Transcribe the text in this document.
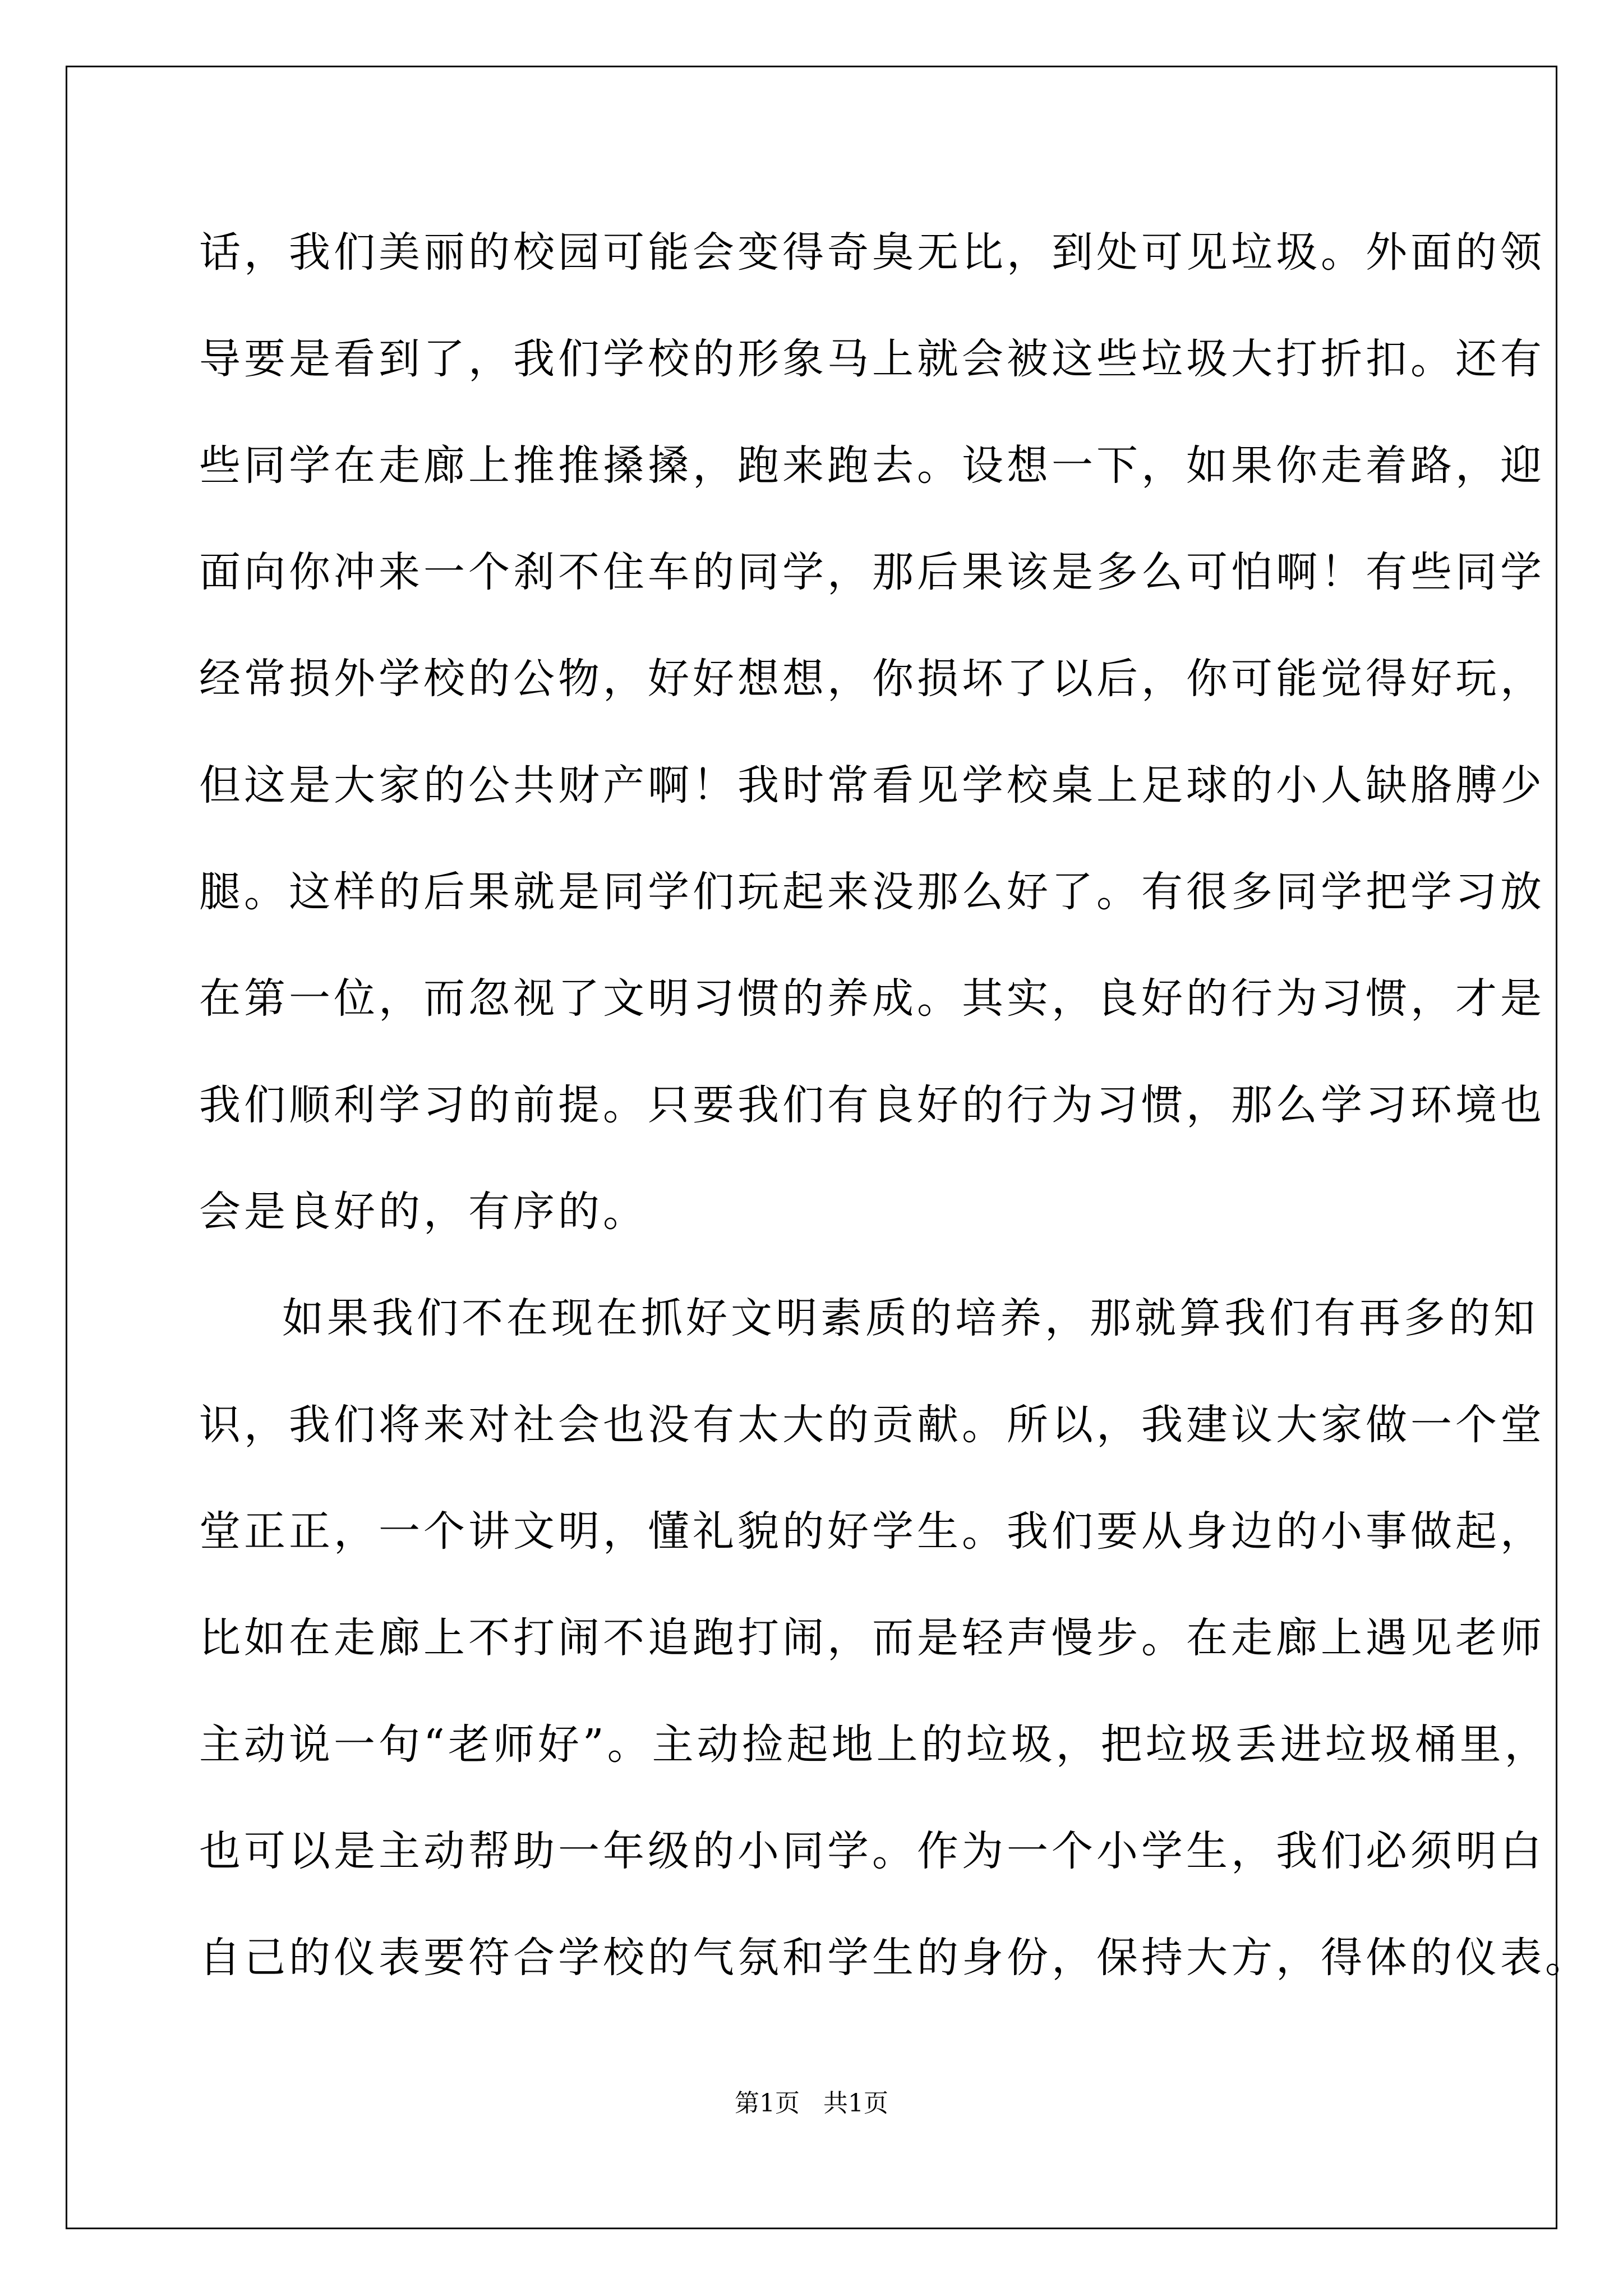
话，我们美丽的校园可能会变得奇臭无比，到处可见垃圾。外面的领
导要是看到了，我们学校的形象马上就会被这些垃圾大打折扣。还有
些同学在走廊上推推搡搡，跑来跑去。设想一下，如果你走着路，迎
面向你冲来一个刹不住车的同学，那后果该是多么可怕啊！有些同学
经常损外学校的公物，好好想想，你损坏了以后，你可能觉得好玩，
但这是大家的公共财产啊！我时常看见学校桌上足球的小人缺胳膊少
腿。这样的后果就是同学们玩起来没那么好了。有很多同学把学习放
在第一位，而忽视了文明习惯的养成。其实，良好的行为习惯，才是
我们顺利学习的前提。只要我们有良好的行为习惯，那么学习环境也
会是良好的，有序的。
如果我们不在现在抓好文明素质的培养，那就算我们有再多的知
识，我们将来对社会也没有太大的贡献。所以，我建议大家做一个堂
堂正正，一个讲文明，懂礼貌的好学生。我们要从身边的小事做起，
比如在走廊上不打闹不追跑打闹，而是轻声慢步。在走廊上遇见老师
主动说一句“老师好”。主动捡起地上的垃圾，把垃圾丢进垃圾桶里，
也可以是主动帮助一年级的小同学。作为一个小学生，我们必须明白
自己的仪表要符合学校的气氛和学生的身份，保持大方，得体的仪表。
第1页   共1页
